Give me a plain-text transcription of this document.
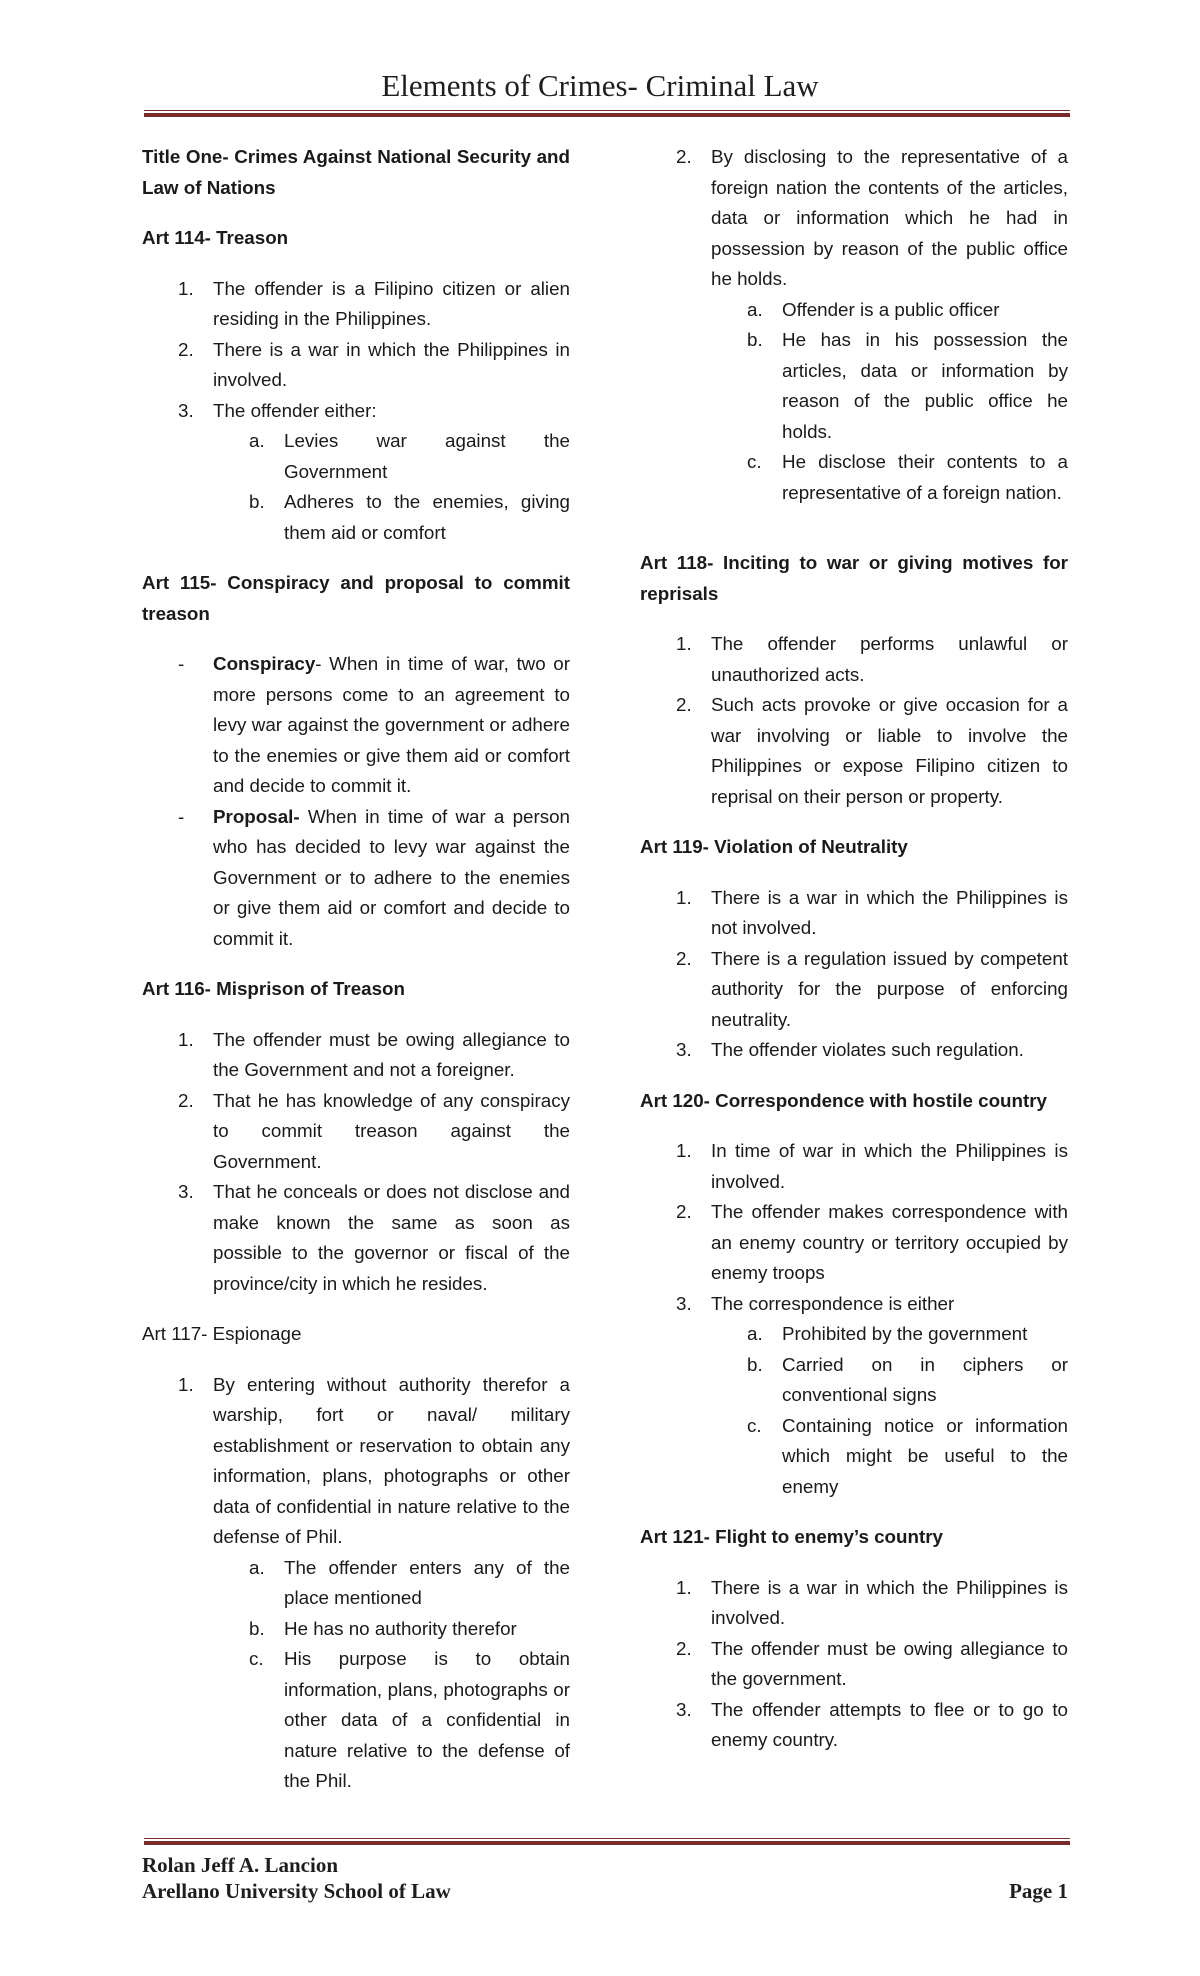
Elements of Crimes- Criminal Law
Title One- Crimes Against National Security and Law of Nations
Art 114- Treason
1. The offender is a Filipino citizen or alien residing in the Philippines.
2. There is a war in which the Philippines in involved.
3. The offender either:
a. Levies war against the Government
b. Adheres to the enemies, giving them aid or comfort
Art 115- Conspiracy and proposal to commit treason
- Conspiracy- When in time of war, two or more persons come to an agreement to levy war against the government or adhere to the enemies or give them aid or comfort and decide to commit it.
- Proposal- When in time of war a person who has decided to levy war against the Government or to adhere to the enemies or give them aid or comfort and decide to commit it.
Art 116- Misprison of Treason
1. The offender must be owing allegiance to the Government and not a foreigner.
2. That he has knowledge of any conspiracy to commit treason against the Government.
3. That he conceals or does not disclose and make known the same as soon as possible to the governor or fiscal of the province/city in which he resides.
Art 117- Espionage
1. By entering without authority therefor a warship, fort or naval/ military establishment or reservation to obtain any information, plans, photographs or other data of confidential in nature relative to the defense of Phil.
a. The offender enters any of the place mentioned
b. He has no authority therefor
c. His purpose is to obtain information, plans, photographs or other data of a confidential in nature relative to the defense of the Phil.
2. By disclosing to the representative of a foreign nation the contents of the articles, data or information which he had in possession by reason of the public office he holds.
a. Offender is a public officer
b. He has in his possession the articles, data or information by reason of the public office he holds.
c. He disclose their contents to a representative of a foreign nation.
Art 118- Inciting to war or giving motives for reprisals
1. The offender performs unlawful or unauthorized acts.
2. Such acts provoke or give occasion for a war involving or liable to involve the Philippines or expose Filipino citizen to reprisal on their person or property.
Art 119- Violation of Neutrality
1. There is a war in which the Philippines is not involved.
2. There is a regulation issued by competent authority for the purpose of enforcing neutrality.
3. The offender violates such regulation.
Art 120- Correspondence with hostile country
1. In time of war in which the Philippines is involved.
2. The offender makes correspondence with an enemy country or territory occupied by enemy troops
3. The correspondence is either
a. Prohibited by the government
b. Carried on in ciphers or conventional signs
c. Containing notice or information which might be useful to the enemy
Art 121- Flight to enemy’s country
1. There is a war in which the Philippines is involved.
2. The offender must be owing allegiance to the government.
3. The offender attempts to flee or to go to enemy country.
Rolan Jeff A. Lancion
Arellano University School of Law	Page 1
